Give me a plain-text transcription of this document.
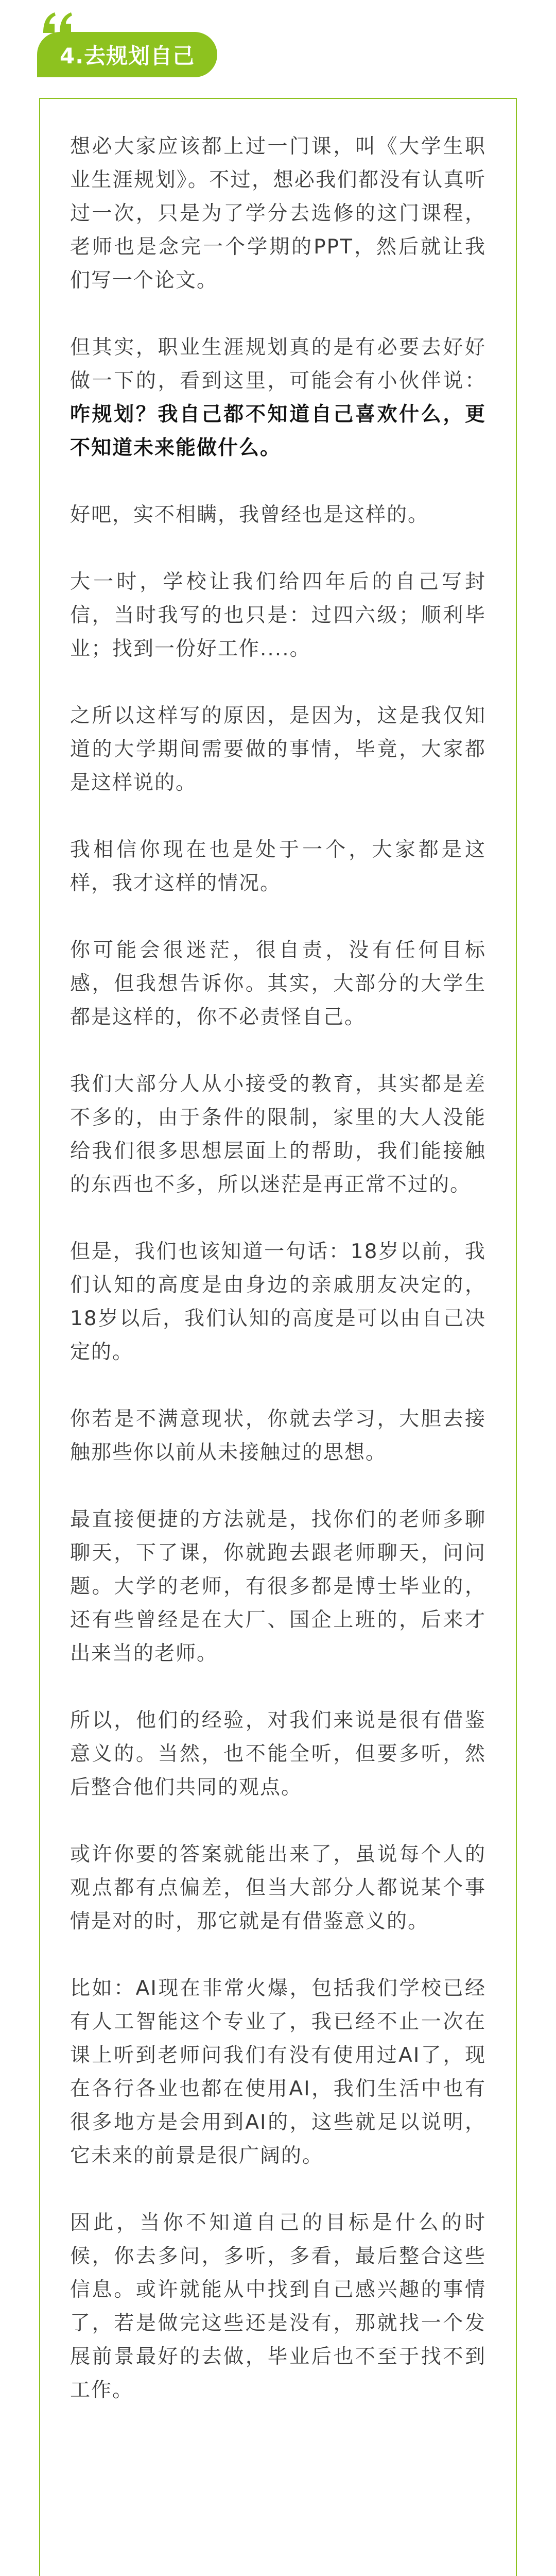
4.去规划自己

想必大家应该都上过一门课，叫《大学生职业生涯规划》。不过，想必我们都没有认真听过一次，只是为了学分去选修的这门课程，老师也是念完一个学期的PPT，然后就让我们写一个论文。

但其实，职业生涯规划真的是有必要去好好做一下的，看到这里，可能会有小伙伴说：咋规划？我自己都不知道自己喜欢什么，更不知道未来能做什么。

好吧，实不相瞒，我曾经也是这样的。

大一时，学校让我们给四年后的自己写封信，当时我写的也只是：过四六级；顺利毕业；找到一份好工作....。

之所以这样写的原因，是因为，这是我仅知道的大学期间需要做的事情，毕竟，大家都是这样说的。

我相信你现在也是处于一个，大家都是这样，我才这样的情况。

你可能会很迷茫，很自责，没有任何目标感，但我想告诉你。其实，大部分的大学生都是这样的，你不必责怪自己。

我们大部分人从小接受的教育，其实都是差不多的，由于条件的限制，家里的大人没能给我们很多思想层面上的帮助，我们能接触的东西也不多，所以迷茫是再正常不过的。

但是，我们也该知道一句话：18岁以前，我们认知的高度是由身边的亲戚朋友决定的，18岁以后，我们认知的高度是可以由自己决定的。

你若是不满意现状，你就去学习，大胆去接触那些你以前从未接触过的思想。

最直接便捷的方法就是，找你们的老师多聊聊天，下了课，你就跑去跟老师聊天，问问题。大学的老师，有很多都是博士毕业的，还有些曾经是在大厂、国企上班的，后来才出来当的老师。

所以，他们的经验，对我们来说是很有借鉴意义的。当然，也不能全听，但要多听，然后整合他们共同的观点。

或许你要的答案就能出来了，虽说每个人的观点都有点偏差，但当大部分人都说某个事情是对的时，那它就是有借鉴意义的。

比如：AI现在非常火爆，包括我们学校已经有人工智能这个专业了，我已经不止一次在课上听到老师问我们有没有使用过AI了，现在各行各业也都在使用AI，我们生活中也有很多地方是会用到AI的，这些就足以说明，它未来的前景是很广阔的。

因此，当你不知道自己的目标是什么的时候，你去多问，多听，多看，最后整合这些信息。或许就能从中找到自己感兴趣的事情了，若是做完这些还是没有，那就找一个发展前景最好的去做，毕业后也不至于找不到工作。
